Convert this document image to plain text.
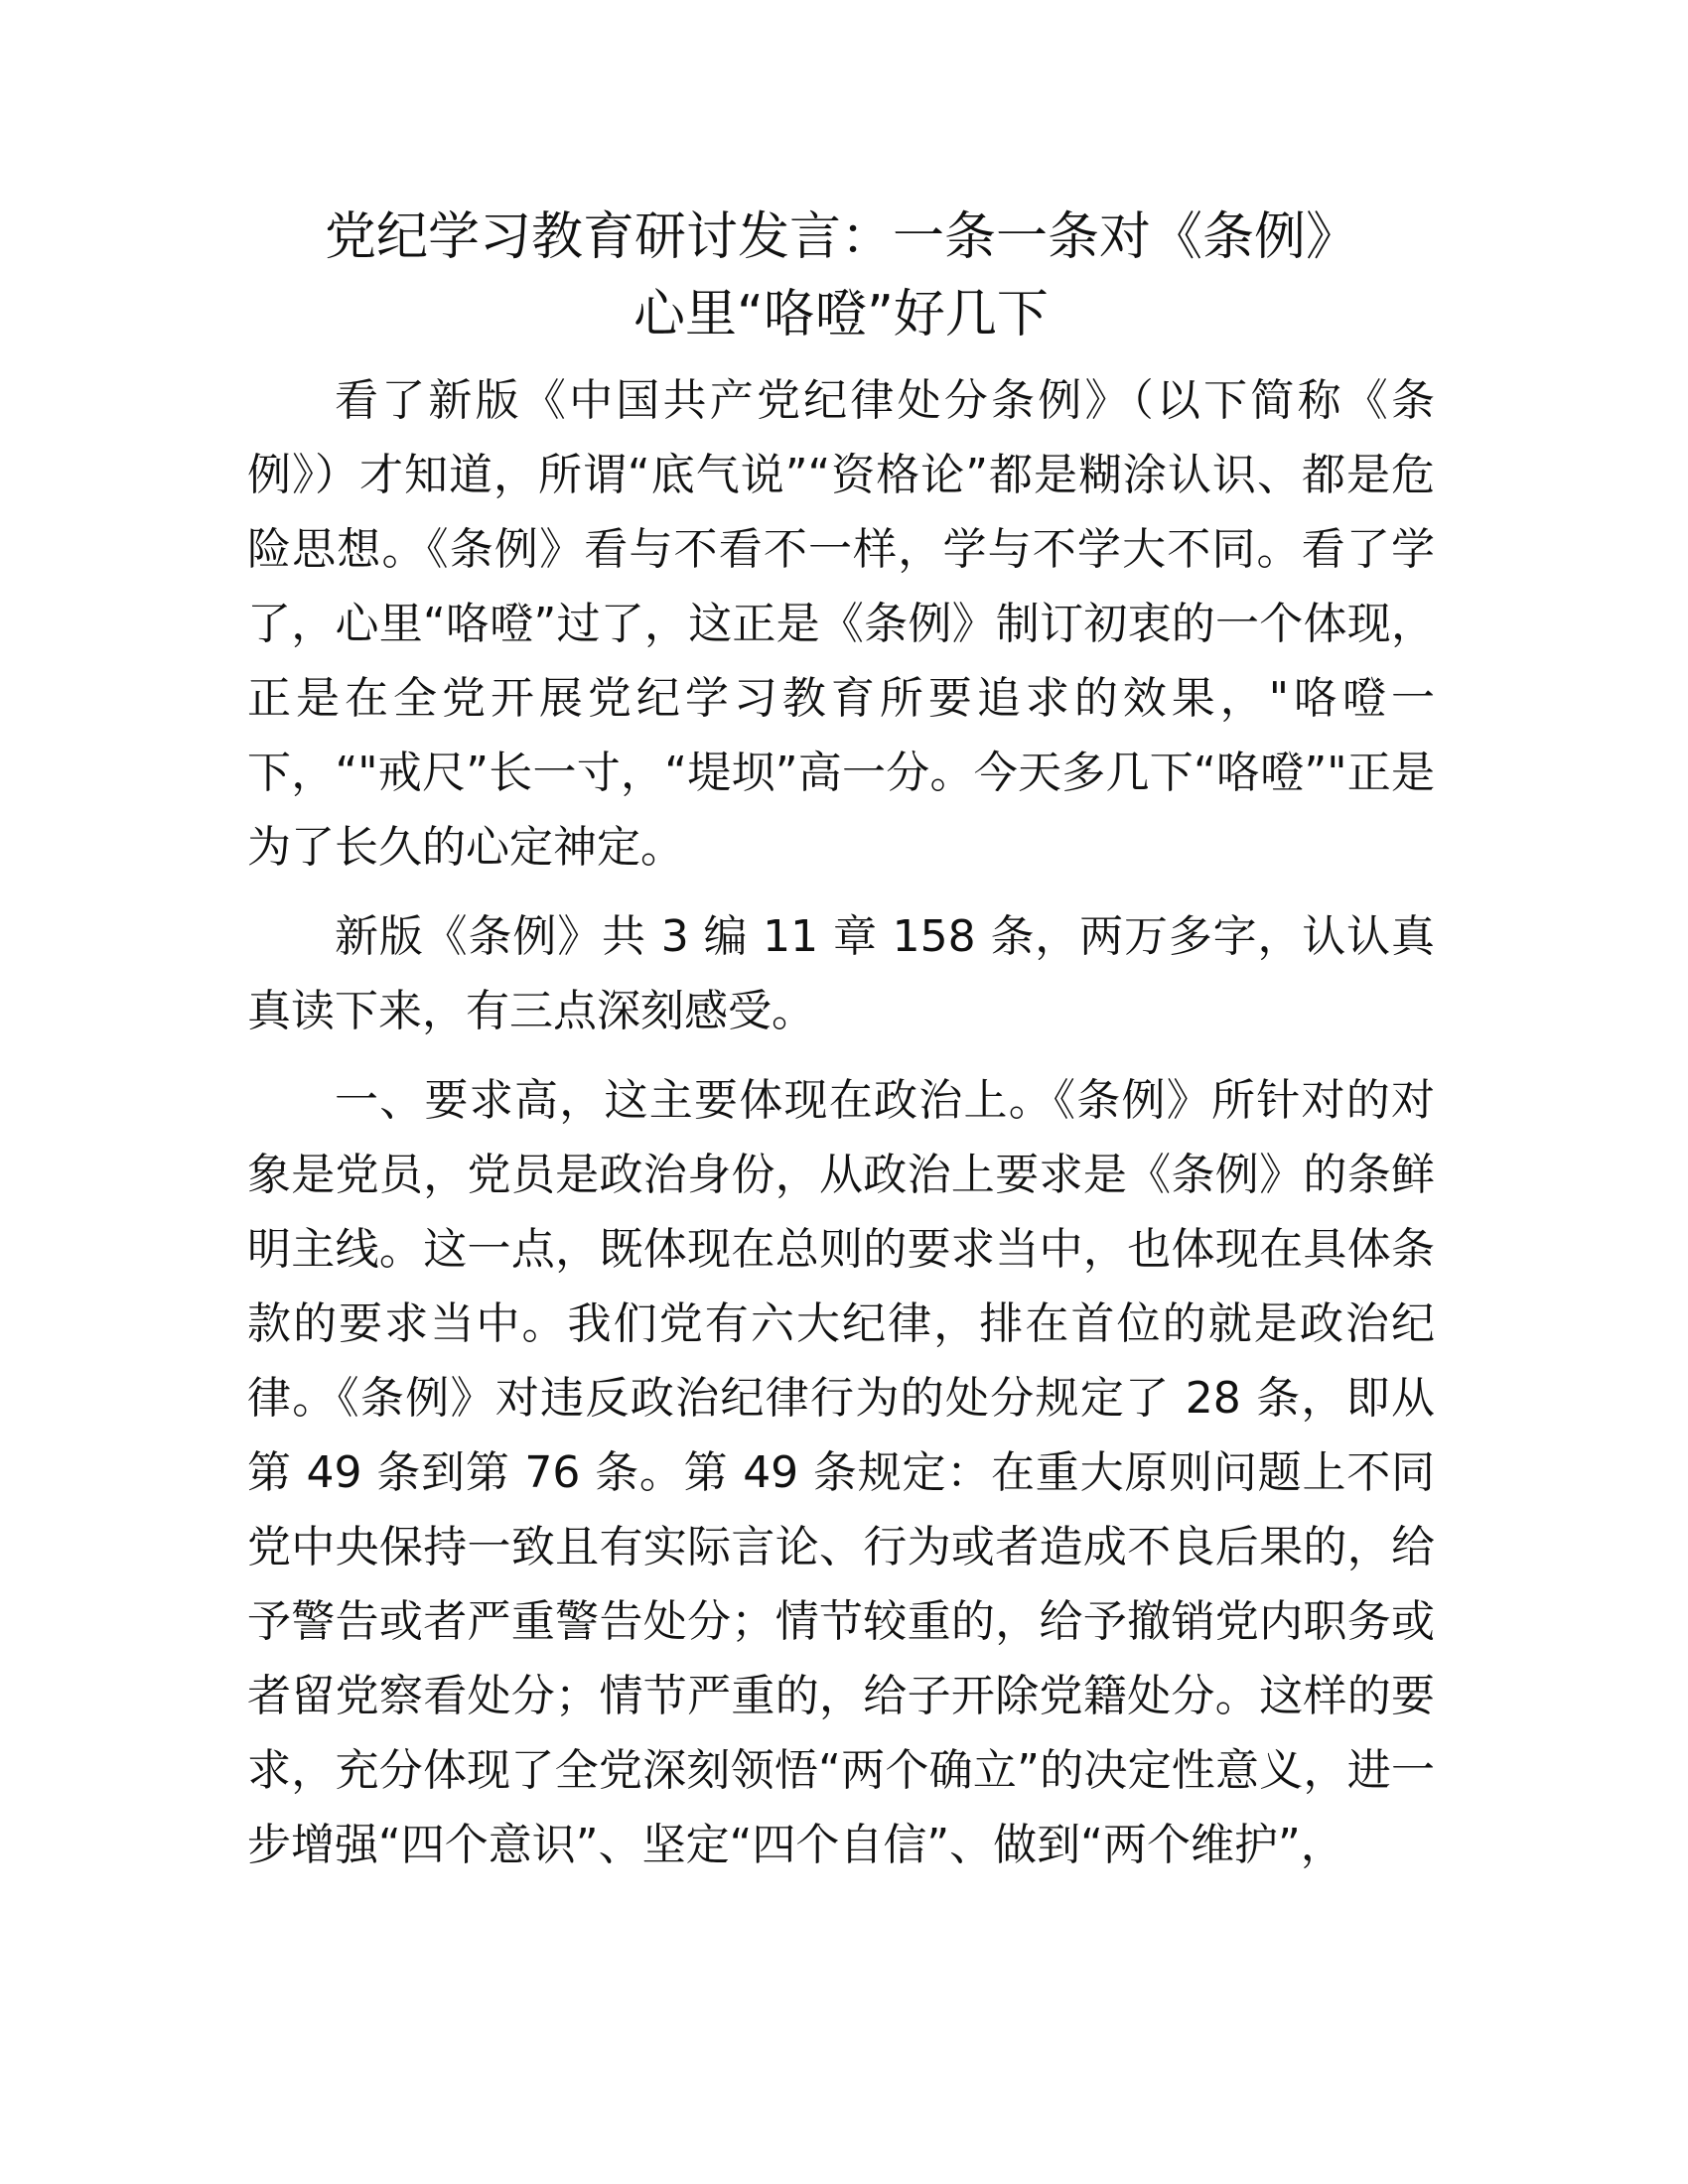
党纪学习教育研讨发言：一条一条对《条例》
心里“咯噔”好几下

看了新版《中国共产党纪律处分条例》（以下简称《条例》）才知道，所谓“底气说”“资格论”都是糊涂认识、都是危险思想。《条例》看与不看不一样，学与不学大不同。看了学了，心里“咯噔”过了，这正是《条例》制订初衷的一个体现，正是在全党开展党纪学习教育所要追求的效果，"咯噔一下，“"戒尺”长一寸，“堤坝”高一分。今天多几下“咯噔”"正是为了长久的心定神定。

新版《条例》共 3 编 11 章 158 条，两万多字，认认真真读下来，有三点深刻感受。

一、要求高，这主要体现在政治上。《条例》所针对的对象是党员，党员是政治身份，从政治上要求是《条例》的条鲜明主线。这一点，既体现在总则的要求当中，也体现在具体条款的要求当中。我们党有六大纪律，排在首位的就是政治纪律。《条例》对违反政治纪律行为的处分规定了 28 条，即从第 49 条到第 76 条。第 49 条规定：在重大原则问题上不同党中央保持一致且有实际言论、行为或者造成不良后果的，给予警告或者严重警告处分；情节较重的，给予撤销党内职务或者留党察看处分；情节严重的，给子开除党籍处分。这样的要求，充分体现了全党深刻领悟“两个确立”的决定性意义，进一步增强“四个意识”、坚定“四个自信”、做到“两个维护”，
